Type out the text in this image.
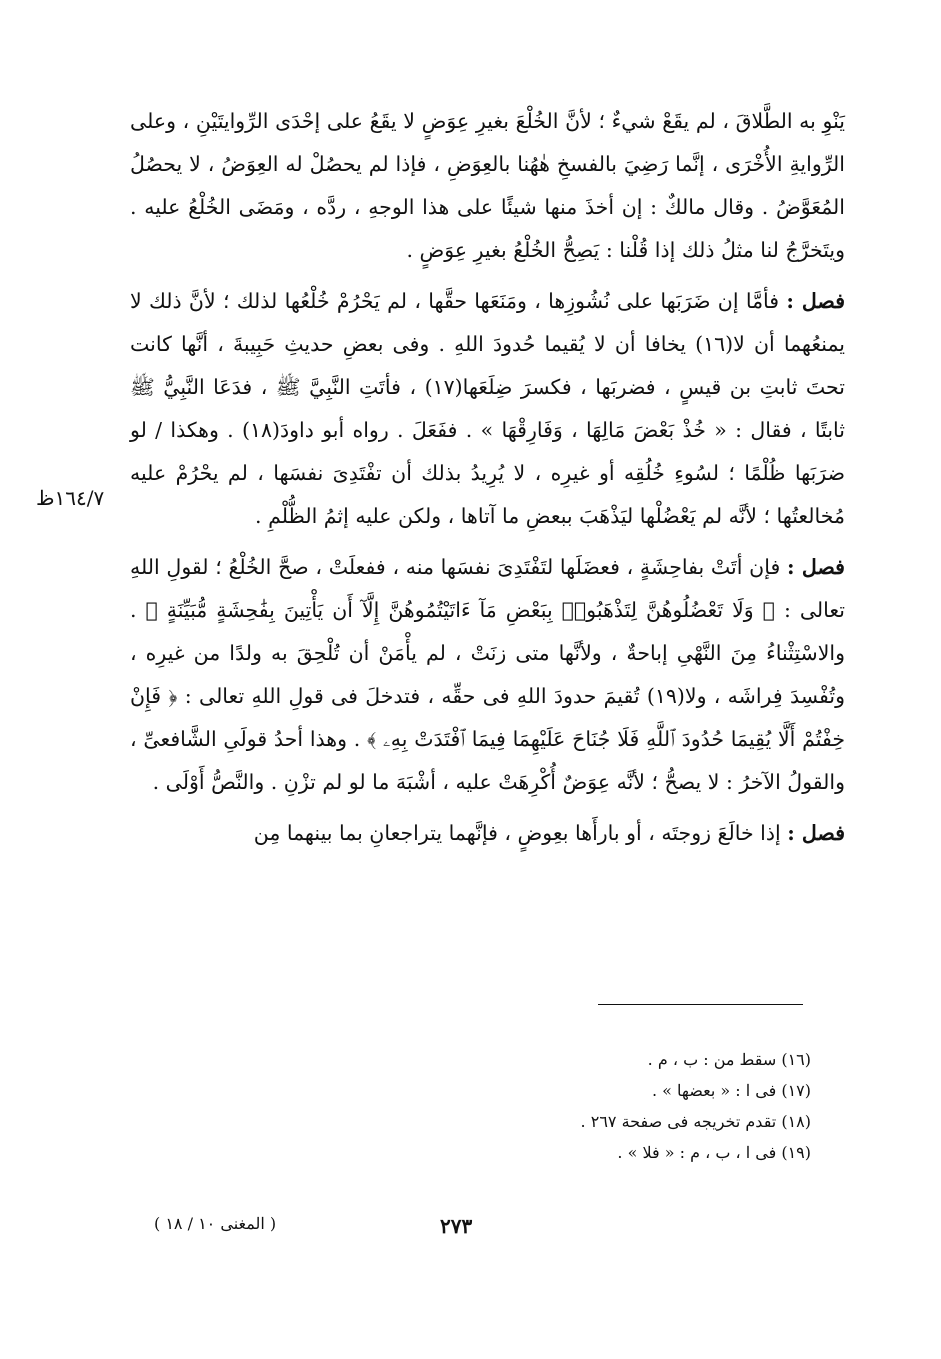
يَنْوِ به الطَّلاقَ ، لم يقَعْ شيءٌ ؛ لأنَّ الخُلْعَ بغيرِ عِوَضٍ لا يقَعُ على إحْدَى الرِّوايتَيْنِ ، وعلى الرِّوايةِ الأُخْرَى ، إنَّما رَضِيَ بالفسخِ هٰهُنا بالعِوَضِ ، فإذا لم يحصُلْ له العِوَضُ ، لا يحصُلُ المُعَوَّضُ . وقال مالكٌ : إن أخذَ منها شيئًا على هذا الوجهِ ، ردَّه ، ومَضَى الخُلْعُ عليه . ويتَخرَّجُ لنا مثلُ ذلك إذا قُلْنا : يَصِحُّ الخُلْعُ بغيرِ عِوَضٍ .

فصل : فأمَّا إن ضَرَبَها على نُشُوزِها ، ومَنَعَها حقَّها ، لم يَحْرُمْ خُلْعُها لذلك ؛ لأنَّ ذلك لا يمنعُهما أن لا(١٦) يخافا أن لا يُقيما حُدودَ اللهِ . وفى بعضِ حديثِ حَبِيبةَ ، أنَّها كانت تحتَ ثابتِ بن قيسٍ ، فضربَها ، فكسرَ ضِلَعَها(١٧) ، فأتَتِ النَّبِيَّ ﷺ ، فدَعَا النَّبِيُّ ﷺ ثابتًا ، فقال : « خُذْ بَعْضَ مَالِهَا ، وَفَارِقْهَا » . ففَعَلَ . رواه أبو داودَ(١٨) . وهكذا / لو ضرَبَها ظُلْمًا ؛ لسُوءِ خُلُقِه أو غيرِه ، لا يُرِيدُ بذلك أن تفْتَدِىَ نفسَها ، لم يحْرُمْ عليه مُخالعتُها ؛ لأنَّه لم يَعْضُلْها ليَذْهَبَ ببعضِ ما آتاها ، ولكن عليه إثمُ الظُّلْمِ .

فصل : فإن أتَتْ بفاحِشَةٍ ، فعضَلَها لتَفْتَدِىَ نفسَها منه ، ففعلَتْ ، صحَّ الخُلْعُ ؛ لقولِ اللهِ تعالى : ﴿ وَلَا تَعْضُلُوهُنَّ لِتَذْهَبُوا۟ بِبَعْضِ مَآ ءَاتَيْتُمُوهُنَّ إِلَّآ أَن يَأْتِينَ بِفَٰحِشَةٍ مُّبَيِّنَةٍ ﴾ . والاسْتِثْناءُ مِنَ النَّهْىِ إباحةٌ ، ولأنَّها متى زنَتْ ، لم يأْمَنْ أن تُلْحِقَ به ولدًا من غيرِه ، وتُفْسِدَ فِراشَه ، ولا(١٩) تُقيمَ حدودَ اللهِ فى حقِّه ، فتدخلَ فى قولِ اللهِ تعالى : ﴿ فَإِنْ خِفْتُمْ أَلَّا يُقِيمَا حُدُودَ ٱللَّهِ فَلَا جُنَاحَ عَلَيْهِمَا فِيمَا ٱفْتَدَتْ بِهِۦ ﴾ . وهذا أحدُ قولَىِ الشَّافعىِّ ، والقولُ الآخرُ : لا يصحُّ ؛ لأنَّه عِوَضٌ أُكْرِهَتْ عليه ، أشْبَهَ ما لو لم تزْنِ . والنَّصُّ أَوْلَى .

فصل : إذا خالَعَ زوجتَه ، أو بارأَها بعِوضٍ ، فإنَّهما يتراجعانِ بما بينهما مِن

١٦٤/٧ظ

(١٦) سقط من : ب ، م .

(١٧) فى ا : « بعضها » .

(١٨) تقدم تخريجه فى صفحة ٢٦٧ .

(١٩) فى ا ، ب ، م : « فلا » .

٢٧٣
( المغنى ١٠ / ١٨ )
